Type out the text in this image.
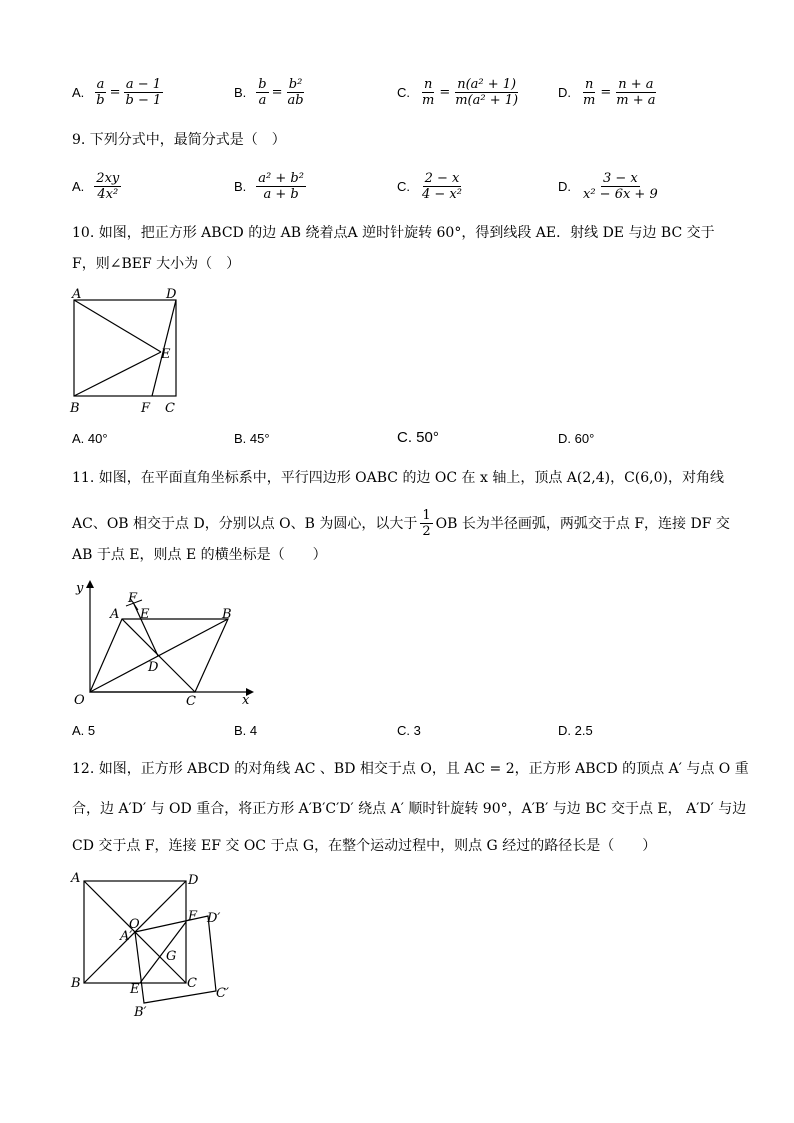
A. $\frac{a}{b} = \frac{a - 1}{b - 1}$	B. $\frac{b}{a} = \frac{\text{b²}}{ab}$	C. $\frac{n}{m} = \frac{\text{n(a² + 1)}}{\text{m(a² + 1)}}$	D. $\frac{n}{m} = \frac{n + a}{m + a}$
9. 下列分式中，最简分式是（　）
A. $\frac{2xy}{\text{4x²}}$	B. $\frac{\text{a² + b²}}{a + b}$	C. $\frac{2 - x}{\text{4 − x²}}$	D. $\frac{3 - x}{\text{x² − 6x + 9}}$
10. 如图，把正方形 ABCD 的边 AB 绕着点A 逆时针旋转 60°，得到线段 AE．射线 DE 与边 BC 交于
F，则∠BEF 大小为（　）
A	D
E
B	F C
A. 40°	B. 45°	C. 50°	D. 60°
11. 如图，在平面直角坐标系中，平行四边形 OABC 的边 OC 在 x 轴上，顶点 A(2,4)，C(6,0)，对角线
AC、OB 相交于点 D，分别以点 O、B 为圆心，以大于 $\frac{1}{2}$ OB 长为半径画弧，两弧交于点 F，连接 DF 交
AB 于点 E，则点 E 的横坐标是（　　）
y
x
O
A
F
E	B
D
C
A. 5	B. 4	C. 3	D. 2.5
12. 如图，正方形 ABCD 的对角线 AC 、BD 相交于点 O，且 AC = 2，正方形 ABCD 的顶点 A′ 与点 O 重
合，边 A′D′ 与 OD 重合，将正方形 A′B′C′D′ 绕点 A′ 顺时针旋转 90°，A′B′ 与边 BC 交于点 E， A′D′ 与边
CD 交于点 F，连接 EF 交 OC 于点 G，在整个运动过程中，则点 G 经过的路径长是（　　）
A	D
O
A′
F D′
G
B	C
E	C′
B′
